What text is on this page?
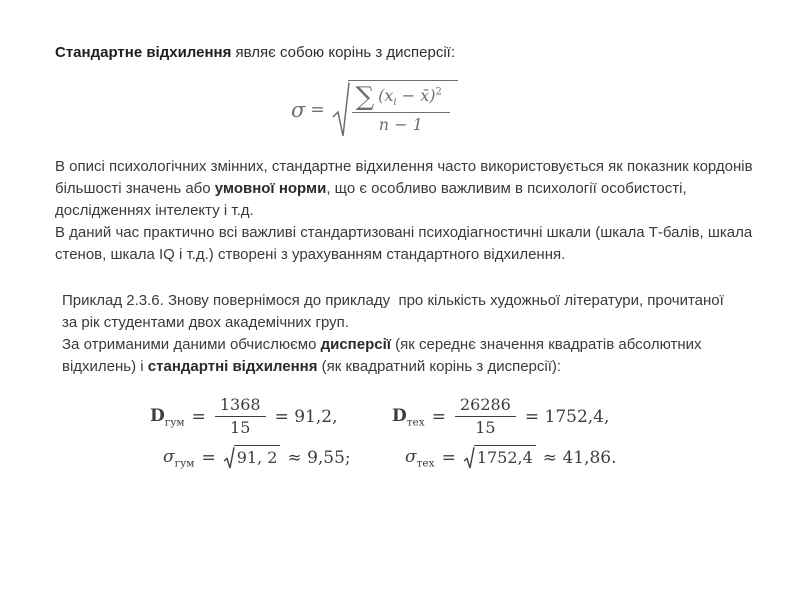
Стандартне відхилення являє собою корінь з дисперсії:
$\sigma = \frac{\sum (x_i - x̄)^2}{n - 1}$
В описі психологічних змінних, стандартне відхилення часто використовується як показник кордонів більшості значень або умовної норми, що є особливо важливим в психології особистості, дослідженнях інтелекту і т.д.
В даний час практично всі важливі стандартизовані психодіагностичні шкали (шкала Т-балів, шкала стенов, шкала IQ і т.д.) створені з урахуванням стандартного відхилення.
Приклад 2.3.6. Знову повернімося до прикладу  про кількість художньої літератури, прочитаної за рік студентами двох академічних груп.
За отриманими даними обчислюємо дисперсії (як середнє значення квадратів абсолютних відхилень) і стандартні відхилення (як квадратний корінь з дисперсії):
$D_{гум} = \frac{1368}{15} = 91,2$,
$\sigma_{гум} = 91$, 2 ≈ 9,55;
$D_{тех} = \frac{26286}{15} = 1752,4$,
$\sigma_{тех} = 1752,4 \approx 41,86$.
